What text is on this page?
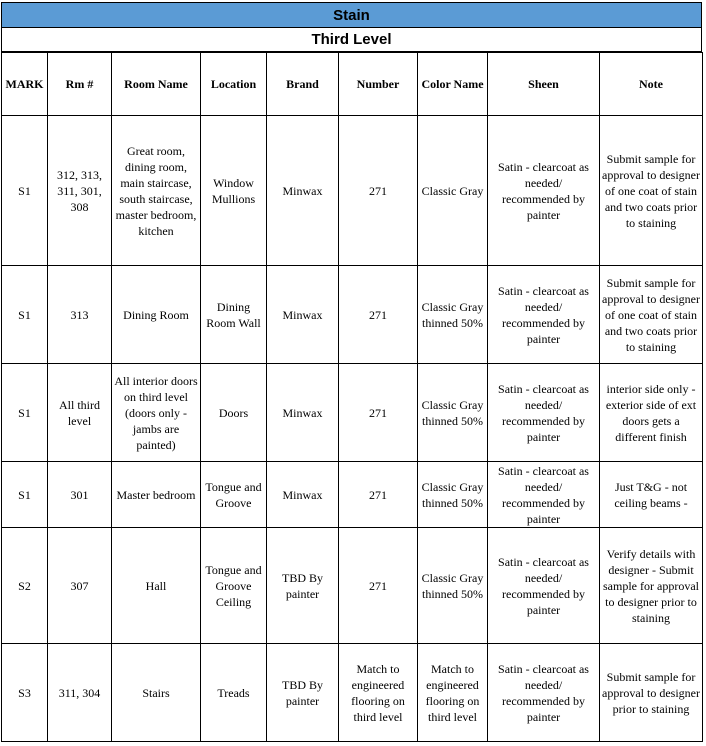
Stain
Third Level
MARK	Rm #	Room Name	Location	Brand	Number	Color Name	Sheen	Note
S1	312, 313, 311, 301, 308	Great room, dining room, main staircase, south staircase, master bedroom, kitchen	Window Mullions	Minwax	271	Classic Gray	Satin - clearcoat as needed/ recommended by painter	Submit sample for approval to designer of one coat of stain and two coats prior to staining
S1	313	Dining Room	Dining Room Wall	Minwax	271	Classic Gray thinned 50%	Satin - clearcoat as needed/ recommended by painter	Submit sample for approval to designer of one coat of stain and two coats prior to staining
S1	All third level	All interior doors on third level (doors only - jambs are painted)	Doors	Minwax	271	Classic Gray thinned 50%	Satin - clearcoat as needed/ recommended by painter	interior side only - exterior side of ext doors gets a different finish
S1	301	Master bedroom	Tongue and Groove	Minwax	271	Classic Gray thinned 50%	Satin - clearcoat as needed/ recommended by painter	Just T&G - not ceiling beams -
S2	307	Hall	Tongue and Groove Ceiling	TBD By painter	271	Classic Gray thinned 50%	Satin - clearcoat as needed/ recommended by painter	Verify details with designer - Submit sample for approval to designer prior to staining
S3	311, 304	Stairs	Treads	TBD By painter	Match to engineered flooring on third level	Match to engineered flooring on third level	Satin - clearcoat as needed/ recommended by painter	Submit sample for approval to designer prior to staining
